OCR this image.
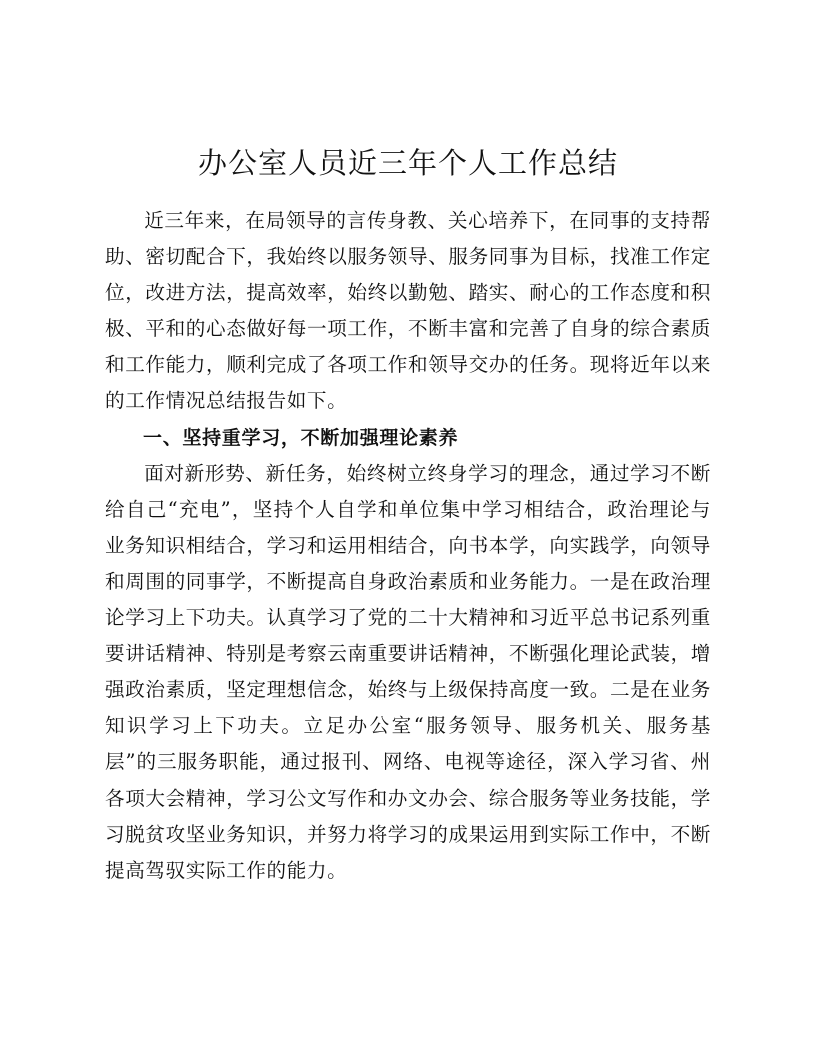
办公室人员近三年个人工作总结

近三年来，在局领导的言传身教、关心培养下，在同事的支持帮助、密切配合下，我始终以服务领导、服务同事为目标，找准工作定位，改进方法，提高效率，始终以勤勉、踏实、耐心的工作态度和积极、平和的心态做好每一项工作，不断丰富和完善了自身的综合素质和工作能力，顺利完成了各项工作和领导交办的任务。现将近年以来的工作情况总结报告如下。

一、坚持重学习，不断加强理论素养

面对新形势、新任务，始终树立终身学习的理念，通过学习不断给自己“充电”，坚持个人自学和单位集中学习相结合，政治理论与业务知识相结合，学习和运用相结合，向书本学，向实践学，向领导和周围的同事学，不断提高自身政治素质和业务能力。一是在政治理论学习上下功夫。认真学习了党的二十大精神和习近平总书记系列重要讲话精神、特别是考察云南重要讲话精神，不断强化理论武装，增强政治素质，坚定理想信念，始终与上级保持高度一致。二是在业务知识学习上下功夫。立足办公室“服务领导、服务机关、服务基层”的三服务职能，通过报刊、网络、电视等途径，深入学习省、州各项大会精神，学习公文写作和办文办会、综合服务等业务技能，学习脱贫攻坚业务知识，并努力将学习的成果运用到实际工作中，不断提高驾驭实际工作的能力。
